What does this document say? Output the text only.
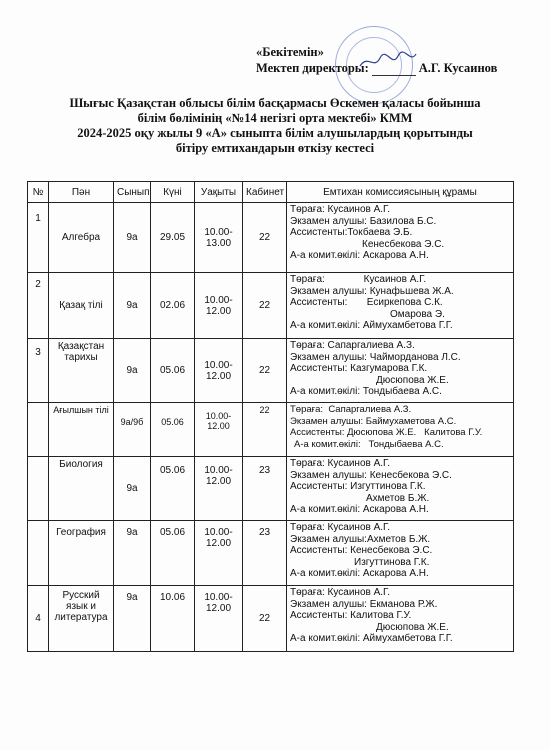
«Бекітемін»
Мектеп директоры:	А.Г. Кусаинов
Шығыс Қазақстан облысы білім басқармасы Өскемен қаласы бойынша
білім бөлімінің «№14 негізгі орта мектебі» КММ
2024-2025 оқу жылы 9 «А» сыныпта білім алушылардың қорытынды
бітіру емтихандарын өткізу кестесі
№	Пән	Сынып	Күні	Уақыты	Кабинет	Емтихан комиссиясының құрамы
1	Алгебра	9а	29.05	10.00-13.00	22	Төраға: Кусаинов А.Г.
Экзамен алушы: Базилова Б.С.
Ассистенты:Токбаева Э.Б.
Кенесбекова Э.С.
А-а комит.өкілі: Аскарова А.Н.

2	Қазақ тілі	9а	02.06	10.00-12.00	22	Төраға:              Кусаинов А.Г.
Экзамен алушы: Кунафьшева Ж.А.
Ассистенты:       Есиркепова С.К.
Омарова Э.
А-а комит.өкілі: Аймухамбетова Г.Г.

3	Қазақстан тарихы	9а	05.06	10.00-12.00	22	Төраға: Сапаргалиева А.З.
Экзамен алушы: Чайморданова Л.С.
Ассистенты: Казгумарова Г.К.
Дюсюпова Ж.Е.
А-а комит.өкілі: Тондыбаева А.С.

	Ағылшын тілі	9а/9б	05.06	10.00-12.00	22	Төраға:  Сапаргалиева А.З.
Экзамен алушы: Баймухаметова А.С.
Ассистенты: Дюсюпова Ж.Е.   Калитова Г.У.
А-а комит.өкілі:   Тондыбаева А.С.

	Биология	9а	05.06	10.00-12.00	23	Төраға: Кусаинов А.Г.
Экзамен алушы: Кенесбекова Э.С.
Ассистенты: Изгуттинова Г.К.
Ахметов Б.Ж.
А-а комит.өкілі: Аскарова А.Н.

	География	9а	05.06	10.00-12.00	23	Төраға: Кусаинов А.Г.
Экзамен алушы:Ахметов Б.Ж.
Ассистенты: Кенесбекова Э.С.
Изгуттинова Г.К.
А-а комит.өкілі: Аскарова А.Н.

4	Русский язык и литература	9а	10.06	10.00-12.00	22	Төраға: Кусаинов А.Г.
Экзамен алушы: Екманова Р.Ж.
Ассистенты: Калитова Г.У.
Дюсюпова Ж.Е.
А-а комит.өкілі: Аймухамбетова Г.Г.
